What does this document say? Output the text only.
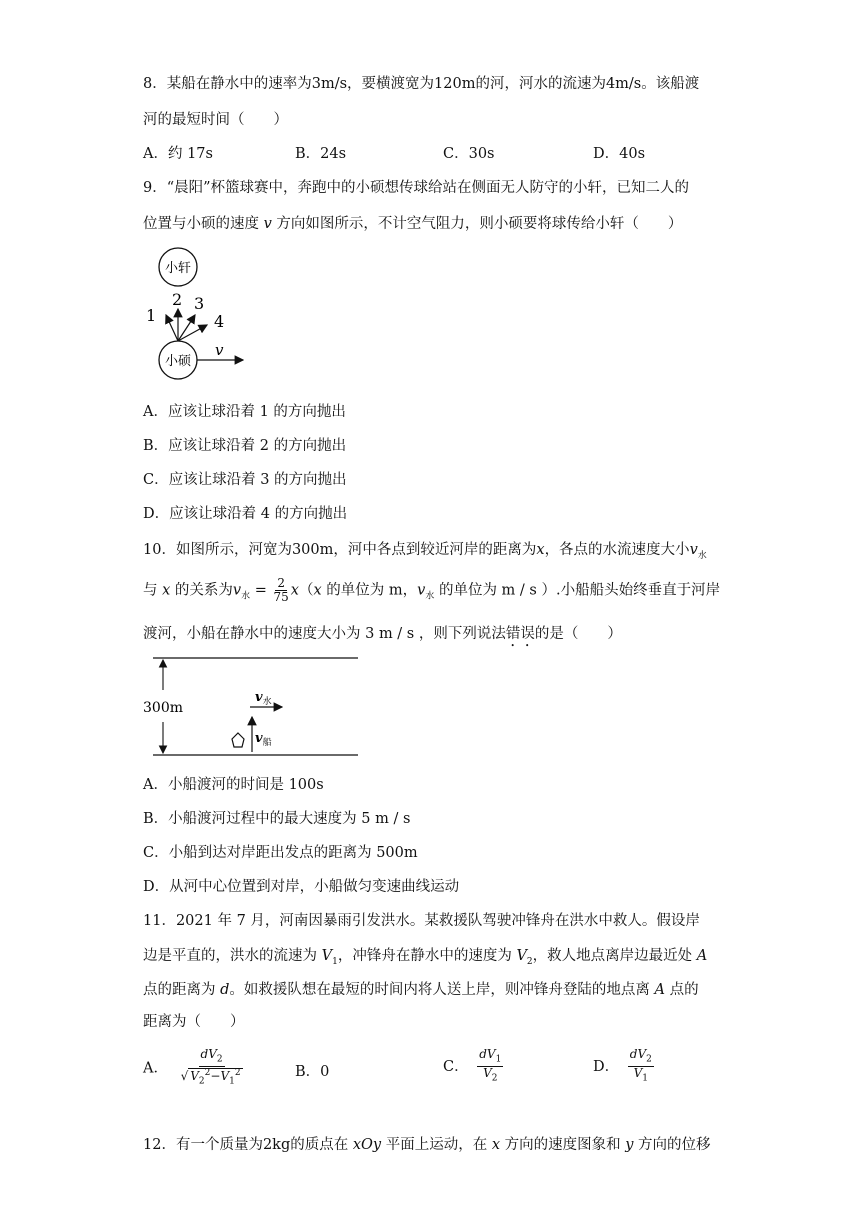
8．某船在静水中的速率为3m/s，要横渡宽为120m的河，河水的流速为4m/s。该船渡
河的最短时间（　　）
A．约 17s	B．24s	C．30s	D．40s
9．“晨阳”杯篮球赛中，奔跑中的小硕想传球给站在侧面无人防守的小轩，已知二人的
位置与小硕的速度 v 方向如图所示，不计空气阻力，则小硕要将球传给小轩（　　）
小轩
小硕
1
2 3
4
v
A．应该让球沿着 1 的方向抛出
B．应该让球沿着 2 的方向抛出
C．应该让球沿着 3 的方向抛出
D．应该让球沿着 4 的方向抛出
10．如图所示，河宽为300m，河中各点到较近河岸的距离为x，各点的水流速度大小$v_水$
与 x 的关系为$v_水 = \frac{2}{75} x(x$ 的单位为 m，$v_水$ 的单位为 m / s ）.小船船头始终垂直于河岸
渡河，小船在静水中的速度大小为 3 m / s ，则下列说法错误的是（　　）
300m
$v_水$
$v_船$
A．小船渡河的时间是 100s
B．小船渡河过程中的最大速度为 5 m / s
C．小船到达对岸距出发点的距离为 500m
D．从河中心位置到对岸，小船做匀变速曲线运动
11．2021 年 7 月，河南因暴雨引发洪水。某救援队驾驶冲锋舟在洪水中救人。假设岸
边是平直的，洪水的流速为 $V_1$，冲锋舟在静水中的速度为 $V_2$，救人地点离岸边最近处 A
点的距离为 d。如救援队想在最短的时间内将人送上岸，则冲锋舟登陆的地点离 A 点的
距离为（　　）
A． $\frac{dV_2}{√ V_2^2-V_1^2}$	B．0	C． $\frac{dV_1}{V_2}$	D． $\frac{dV_2}{V_1}$
12．有一个质量为2kg的质点在 xOy 平面上运动，在 x 方向的速度图象和 y 方向的位移
